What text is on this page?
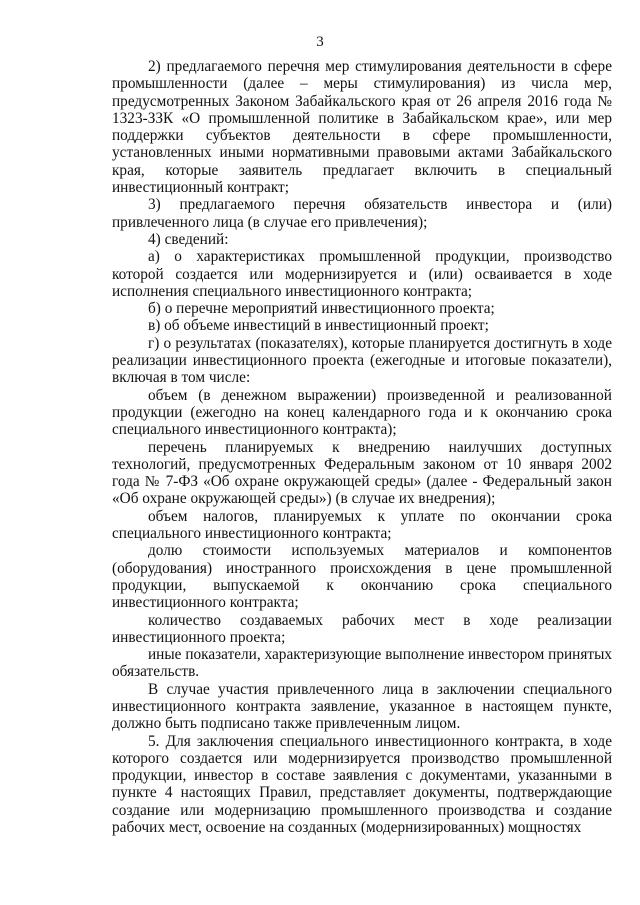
3

2) предлагаемого перечня мер стимулирования деятельности в сфере промышленности (далее – меры стимулирования) из числа мер, предусмотренных Законом Забайкальского края от 26 апреля 2016 года № 1323-ЗЗК «О промышленной политике в Забайкальском крае», или мер поддержки субъектов деятельности в сфере промышленности, установленных иными нормативными правовыми актами Забайкальского края, которые заявитель предлагает включить в специальный инвестиционный контракт;

3) предлагаемого перечня обязательств инвестора и (или) привлеченного лица (в случае его привлечения);

4) сведений:

а) о характеристиках промышленной продукции, производство которой создается или модернизируется и (или) осваивается в ходе исполнения специального инвестиционного контракта;

б) о перечне мероприятий инвестиционного проекта;

в) об объеме инвестиций в инвестиционный проект;

г) о результатах (показателях), которые планируется достигнуть в ходе реализации инвестиционного проекта (ежегодные и итоговые показатели), включая в том числе:

объем (в денежном выражении) произведенной и реализованной продукции (ежегодно на конец календарного года и к окончанию срока специального инвестиционного контракта);

перечень планируемых к внедрению наилучших доступных технологий, предусмотренных Федеральным законом от 10 января 2002 года № 7-ФЗ «Об охране окружающей среды» (далее - Федеральный закон «Об охране окружающей среды») (в случае их внедрения);

объем налогов, планируемых к уплате по окончании срока специального инвестиционного контракта;

долю стоимости используемых материалов и компонентов (оборудования) иностранного происхождения в цене промышленной продукции, выпускаемой к окончанию срока специального инвестиционного контракта;

количество создаваемых рабочих мест в ходе реализации инвестиционного проекта;

иные показатели, характеризующие выполнение инвестором принятых обязательств.

В случае участия привлеченного лица в заключении специального инвестиционного контракта заявление, указанное в настоящем пункте, должно быть подписано также привлеченным лицом.

5. Для заключения специального инвестиционного контракта, в ходе которого создается или модернизируется производство промышленной продукции, инвестор в составе заявления с документами, указанными в пункте 4 настоящих Правил, представляет документы, подтверждающие создание или модернизацию промышленного производства и создание рабочих мест, освоение на созданных (модернизированных) мощностях
